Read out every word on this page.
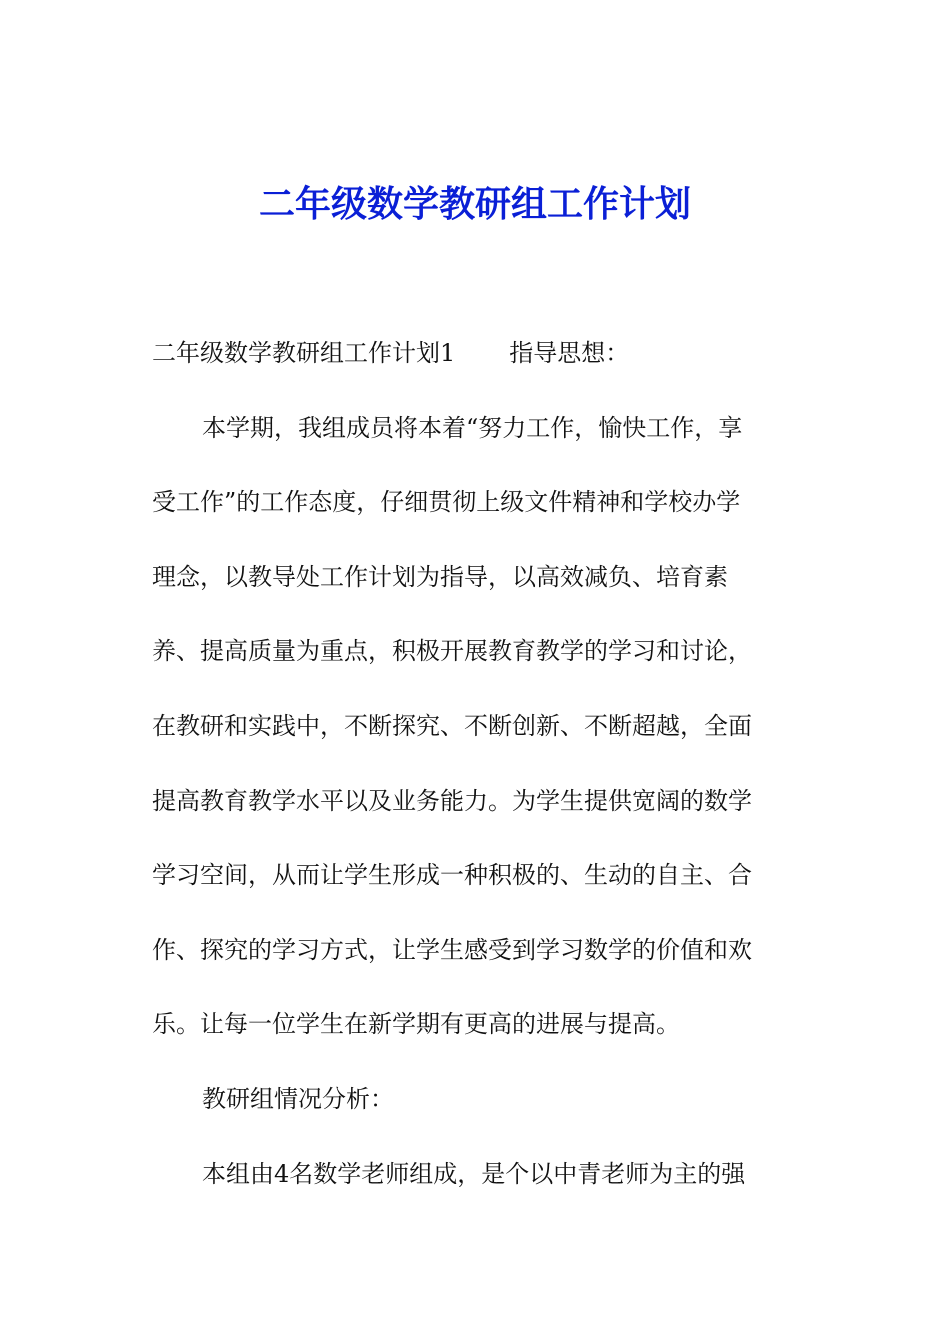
二年级数学教研组工作计划
二年级数学教研组工作计划1 指导思想：
本学期，我组成员将本着“努力工作，愉快工作，享
受工作”的工作态度，仔细贯彻上级文件精神和学校办学
理念，以教导处工作计划为指导，以高效减负、培育素
养、提高质量为重点，积极开展教育教学的学习和讨论，
在教研和实践中，不断探究、不断创新、不断超越，全面
提高教育教学水平以及业务能力。为学生提供宽阔的数学
学习空间，从而让学生形成一种积极的、生动的自主、合
作、探究的学习方式，让学生感受到学习数学的价值和欢
乐。让每一位学生在新学期有更高的进展与提高。
教研组情况分析：
本组由4名数学老师组成，是个以中青老师为主的强
